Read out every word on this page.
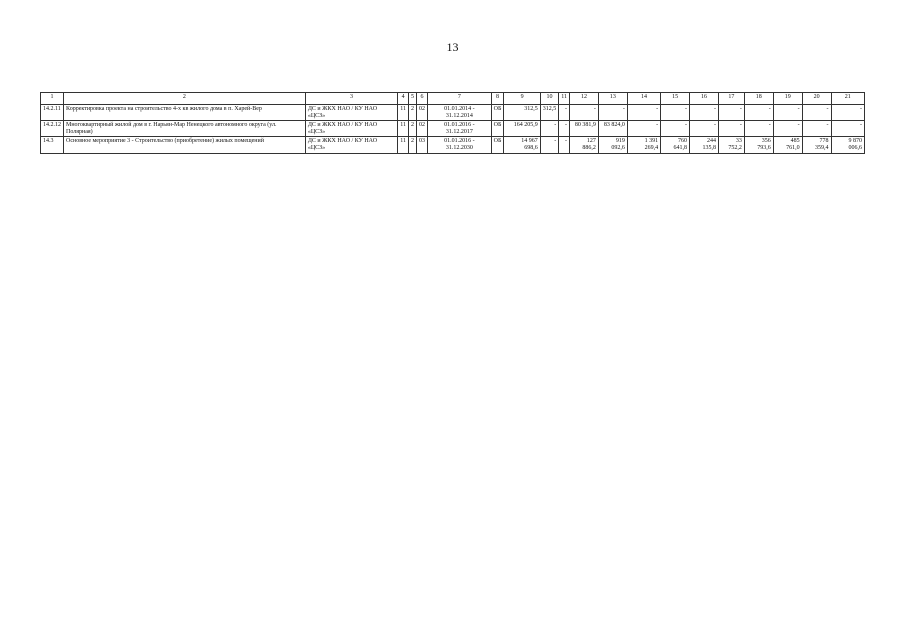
13
1	2	3	4	5	6	7	8	9	10	11	12	13	14	15	16	17	18	19	20	21
14.2.11	Корректировка проекта на строительство 4-х кв жилого дома в п. Харей-Вер	ДС и ЖКХ НАО / КУ НАО «ЦСЗ»	11	2	02	01.01.2014 - 31.12.2014	ОБ	312,5	312,5	-	-	-	-	-	-	-	-	-	-	-
14.2.12	Многоквартирный жилой дом в г. Нарьян-Мар Ненецкого автономного округа (ул. Полярная)	ДС и ЖКХ НАО / КУ НАО «ЦСЗ»	11	2	02	01.01.2016 - 31.12.2017	ОБ	164 205,9	-	-	80 381,9	83 824,0	-	-	-	-	-	-	-	-
14.3	Основное мероприятие 3 - Строительство (приобретение) жилых помещений	ДС и ЖКХ НАО / КУ НАО «ЦСЗ»	11	2	03	01.01.2016 - 31.12.2030	ОБ	14 967 698,6	-	-	127 886,2	919 092,6	1 391 269,4	760 641,8	244 135,8	33 752,2	356 793,6	485 761,0	778 359,4	9 870 006,6
